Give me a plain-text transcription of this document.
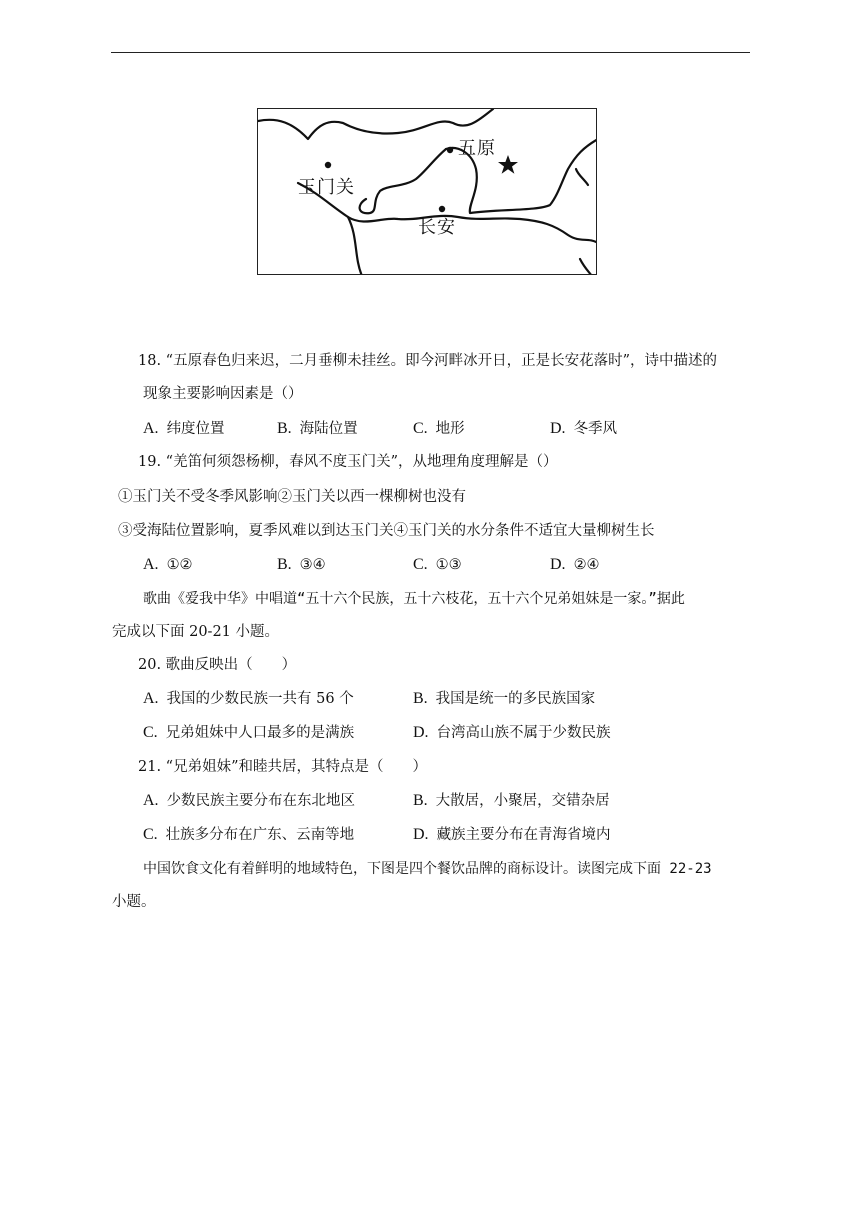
五原
玉门关
长安
18. “五原春色归来迟，二月垂柳未挂丝。即今河畔冰开日，正是长安花落时”，诗中描述的
现象主要影响因素是（）
A. 纬度位置	B. 海陆位置	C. 地形	D. 冬季风
19. “羌笛何须怨杨柳，春风不度玉门关”，从地理角度理解是（）
①玉门关不受冬季风影响②玉门关以西一棵柳树也没有
③受海陆位置影响，夏季风难以到达玉门关④玉门关的水分条件不适宜大量柳树生长
A. ①②	B. ③④	C. ①③	D. ②④
歌曲《爱我中华》中唱道“五十六个民族，五十六枝花，五十六个兄弟姐妹是一家。”据此
完成以下面 20-21 小题。
20. 歌曲反映出（　　）
A. 我国的少数民族一共有 56 个	B. 我国是统一的多民族国家
C. 兄弟姐妹中人口最多的是满族	D. 台湾高山族不属于少数民族
21. “兄弟姐妹”和睦共居，其特点是（　　）
A. 少数民族主要分布在东北地区	B. 大散居，小聚居，交错杂居
C. 壮族多分布在广东、云南等地	D. 藏族主要分布在青海省境内
中国饮食文化有着鲜明的地域特色，下图是四个餐饮品牌的商标设计。读图完成下面 22-23
小题。
